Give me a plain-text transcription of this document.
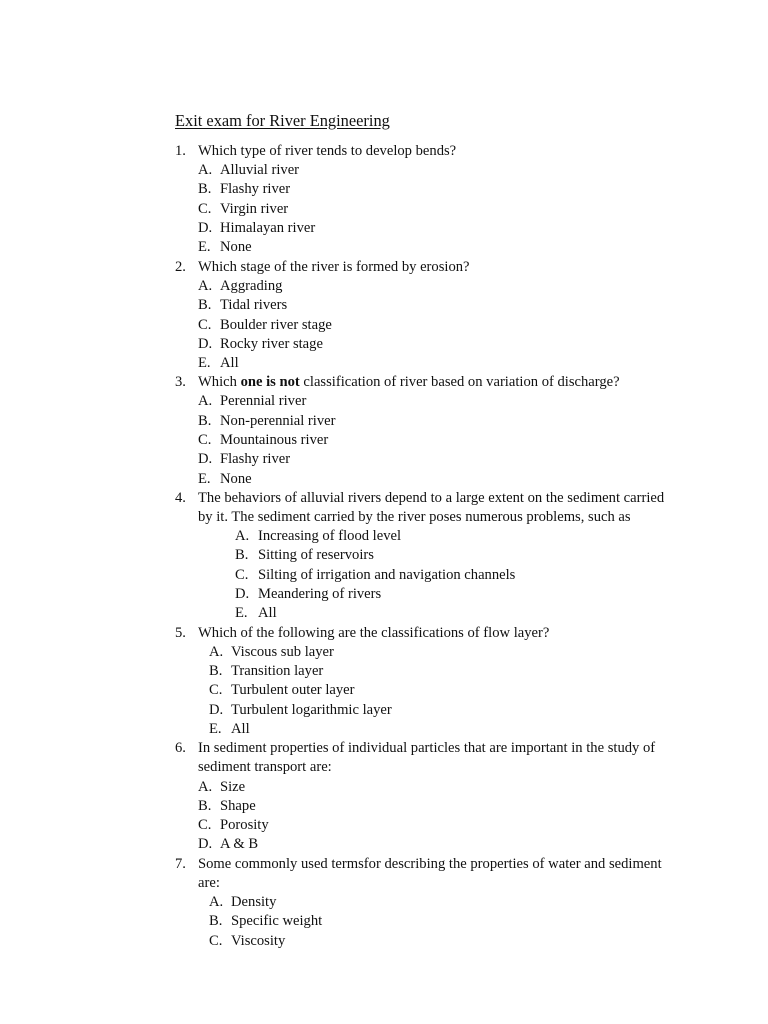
Exit exam for River Engineering
1. Which type of river tends to develop bends?
A. Alluvial river
B. Flashy river
C. Virgin river
D. Himalayan river
E. None
2. Which stage of the river is formed by erosion?
A. Aggrading
B. Tidal rivers
C. Boulder river stage
D. Rocky river stage
E. All
3. Which one is not classification of river based on variation of discharge?
A. Perennial river
B. Non-perennial river
C. Mountainous river
D. Flashy river
E. None
4. The behaviors of alluvial rivers depend to a large extent on the sediment carried
by it. The sediment carried by the river poses numerous problems, such as
A. Increasing of flood level
B. Sitting of reservoirs
C. Silting of irrigation and navigation channels
D. Meandering of rivers
E. All
5. Which of the following are the classifications of flow layer?
A. Viscous sub layer
B. Transition layer
C. Turbulent outer layer
D. Turbulent logarithmic layer
E. All
6. In sediment properties of individual particles that are important in the study of
sediment transport are:
A. Size
B. Shape
C. Porosity
D. A & B
7. Some commonly used termsfor describing the properties of water and sediment
are:
A. Density
B. Specific weight
C. Viscosity
